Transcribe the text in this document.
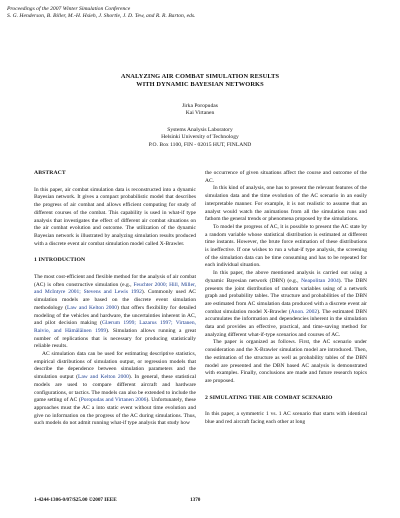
Proceedings of the 2007 Winter Simulation Conference
S. G. Henderson, B. Biller, M.-H. Hsieh, J. Shortle, J. D. Tew, and R. R. Barton, eds.
ANALYZING AIR COMBAT SIMULATION RESULTS
WITH DYNAMIC BAYESIAN NETWORKS
Jirka Poropudas
Kai Virtanen
Systems Analysis Laboratory
Helsinki University of Technology
P.O. Box 1100, FIN - 02015 HUT, FINLAND
ABSTRACT

In this paper, air combat simulation data is reconstructed into a dynamic Bayesian network. It gives a compact probabilistic model that describes the progress of air combat and allows efficient computing for study of different courses of the combat. This capability is used in what-if type analysis that investigates the effect of different air combat situations on the air combat evolution and outcome. The utilization of the dynamic Bayesian network is illustrated by analyzing simulation results produced with a discrete event air combat simulation model called X-Brawler.

1 INTRODUCTION

The most cost-efficient and flexible method for the analysis of air combat (AC) is often constructive simulation (e.g., Feuchter 2000; Hill, Miller, and McIntyre 2001; Stevens and Lewis 1992). Commonly used AC simulation models are based on the discrete event simulation methodology (Law and Kelton 2000) that offers flexibility for detailed modeling of the vehicles and hardware, the uncertainties inherent in AC, and pilot decision making (Glærum 1999; Lazarus 1997; Virtanen, Raivio, and Hämäläinen 1999). Simulation allows running a great number of replications that is necessary for producing statistically reliable results.

AC simulation data can be used for estimating descriptive statistics, empirical distributions of simulation output, or regression models that describe the dependence between simulation parameters and the simulation output (Law and Kelton 2000). In general, these statistical models are used to compare different aircraft and hardware configurations, or tactics. The models can also be extended to include the game setting of AC (Poropudas and Virtanen 2006). Unfortunately, these approaches must the AC a into static event without time evolution and give no information on the progress of the AC during simulations. Thus, such models do not admit running what-if type analysis that study how

the occurrence of given situations affect the course and outcome of the AC.

In this kind of analysis, one has to present the relevant features of the simulation data and the time evolution of the AC scenario in an easily interpretable manner. For example, it is not realistic to assume that an analyst would watch the animations from all the simulation runs and fathom the general trends or phenomena proposed by the simulations.

To model the progress of AC, it is possible to present the AC state by a random variable whose statistical distribution is estimated at different time instants. However, the brute force estimation of these distributions is ineffective. If one wishes to run a what-if type analysis, the screening of the simulation data can be time consuming and has to be repeated for each individual situation.

In this paper, the above mentioned analysis is carried out using a dynamic Bayesian network (DBN) (e.g., Neapolitan 2004). The DBN presents the joint distribution of random variables using of a network graph and probability tables. The structure and probabilities of the DBN are estimated from AC simulation data produced with a discrete event air combat simulation model X-Brawler (Anon. 2002). The estimated DBN accumulates the information and dependencies inherent in the simulation data and provides an effective, practical, and time-saving method for analyzing different what-if-type scenarios and courses of AC.

The paper is organized as follows. First, the AC scenario under consideration and the X-Brawler simulation model are introduced. Then, the estimation of the structure as well as probability tables of the DBN model are presented and the DBN based AC analysis is demonstrated with examples. Finally, conclusions are made and future research topics are proposed.

2 SIMULATING THE AIR COMBAT SCENARIO

In this paper, a symmetric 1 vs. 1 AC scenario that starts with identical blue and red aircraft facing each other at long

1-4244-1306-0/07/$25.00 ©2007 IEEE	1370
